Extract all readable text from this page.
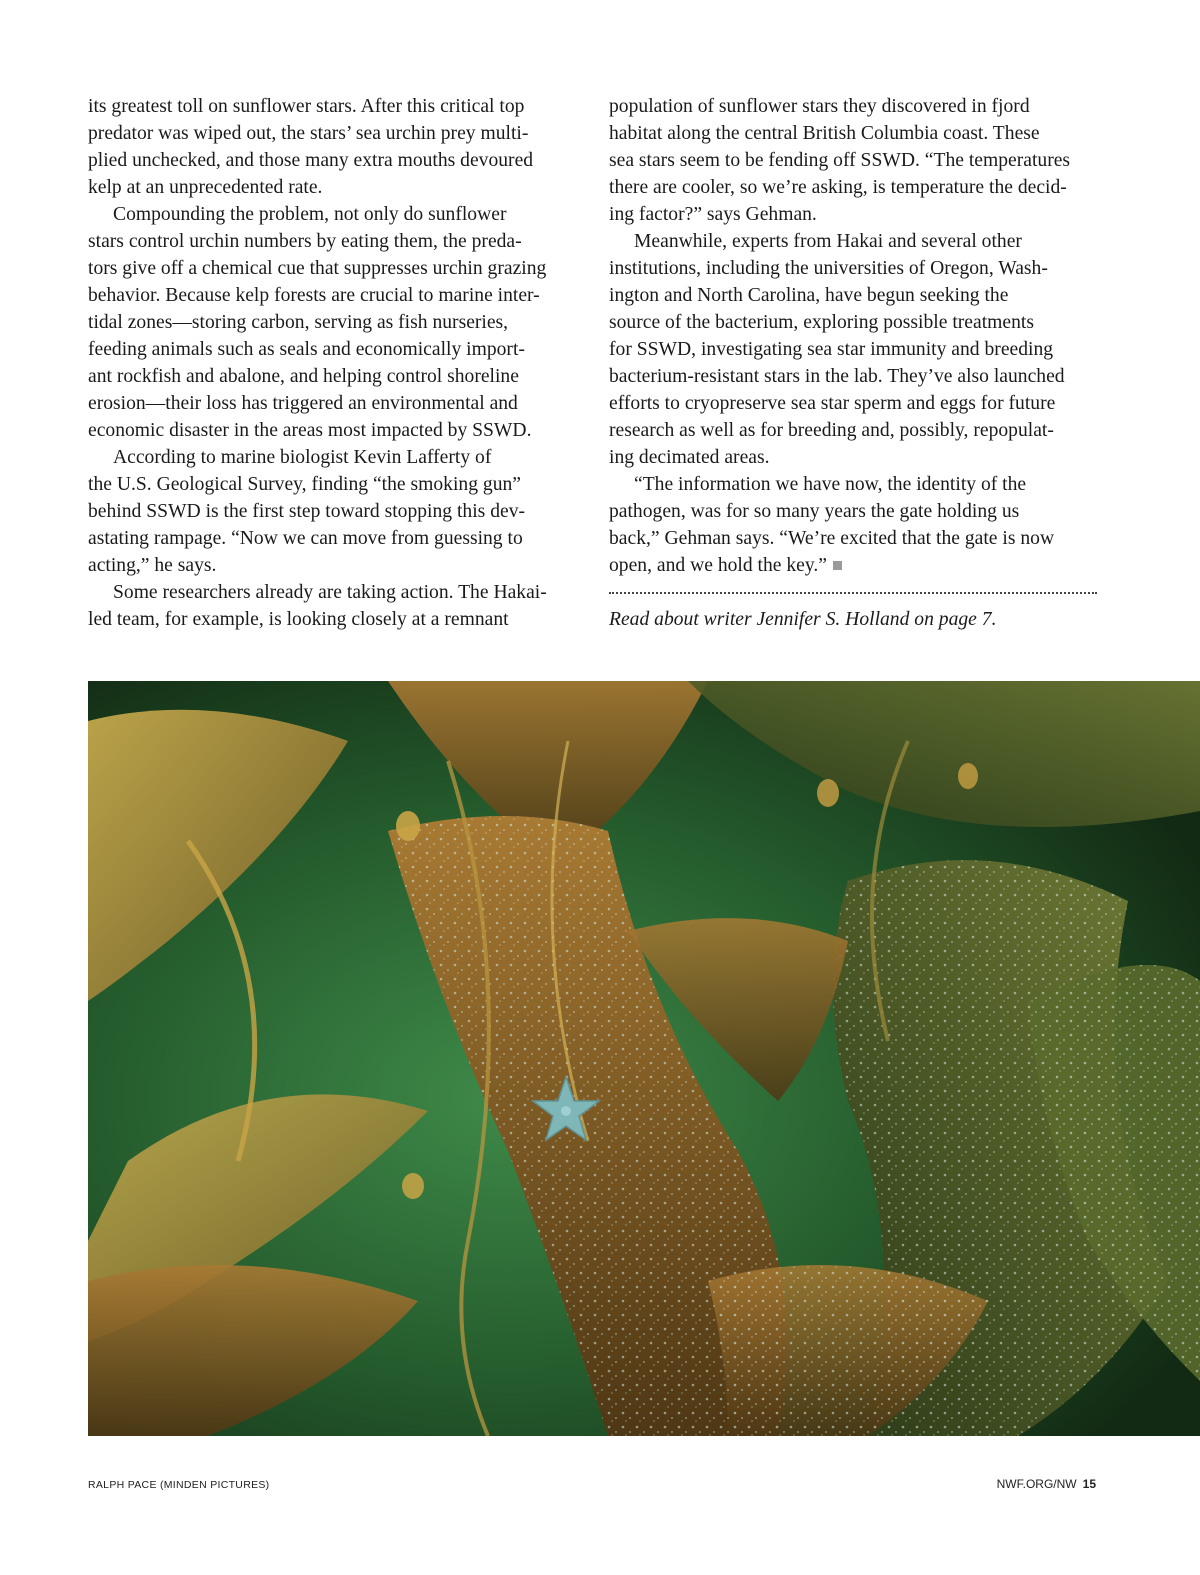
its greatest toll on sunflower stars. After this critical top
predator was wiped out, the stars’ sea urchin prey multi-
plied unchecked, and those many extra mouths devoured
kelp at an unprecedented rate.
Compounding the problem, not only do sunflower
stars control urchin numbers by eating them, the preda-
tors give off a chemical cue that suppresses urchin grazing
behavior. Because kelp forests are crucial to marine inter-
tidal zones—storing carbon, serving as fish nurseries,
feeding animals such as seals and economically import-
ant rockfish and abalone, and helping control shoreline
erosion—their loss has triggered an environmental and
economic disaster in the areas most impacted by SSWD.
According to marine biologist Kevin Lafferty of
the U.S. Geological Survey, finding “the smoking gun”
behind SSWD is the first step toward stopping this dev-
astating rampage. “Now we can move from guessing to
acting,” he says.
Some researchers already are taking action. The Hakai-
led team, for example, is looking closely at a remnant
population of sunflower stars they discovered in fjord
habitat along the central British Columbia coast. These
sea stars seem to be fending off SSWD. “The temperatures
there are cooler, so we’re asking, is temperature the decid-
ing factor?” says Gehman.
Meanwhile, experts from Hakai and several other
institutions, including the universities of Oregon, Wash-
ington and North Carolina, have begun seeking the
source of the bacterium, exploring possible treatments
for SSWD, investigating sea star immunity and breeding
bacterium-resistant stars in the lab. They’ve also launched
efforts to cryopreserve sea star sperm and eggs for future
research as well as for breeding and, possibly, repopulat-
ing decimated areas.
“The information we have now, the identity of the
pathogen, was for so many years the gate holding us
back,” Gehman says. “We’re excited that the gate is now
open, and we hold the key.”
Read about writer Jennifer S. Holland on page 7.
RALPH PACE (MINDEN PICTURES)	NWF.ORG/NW 15
